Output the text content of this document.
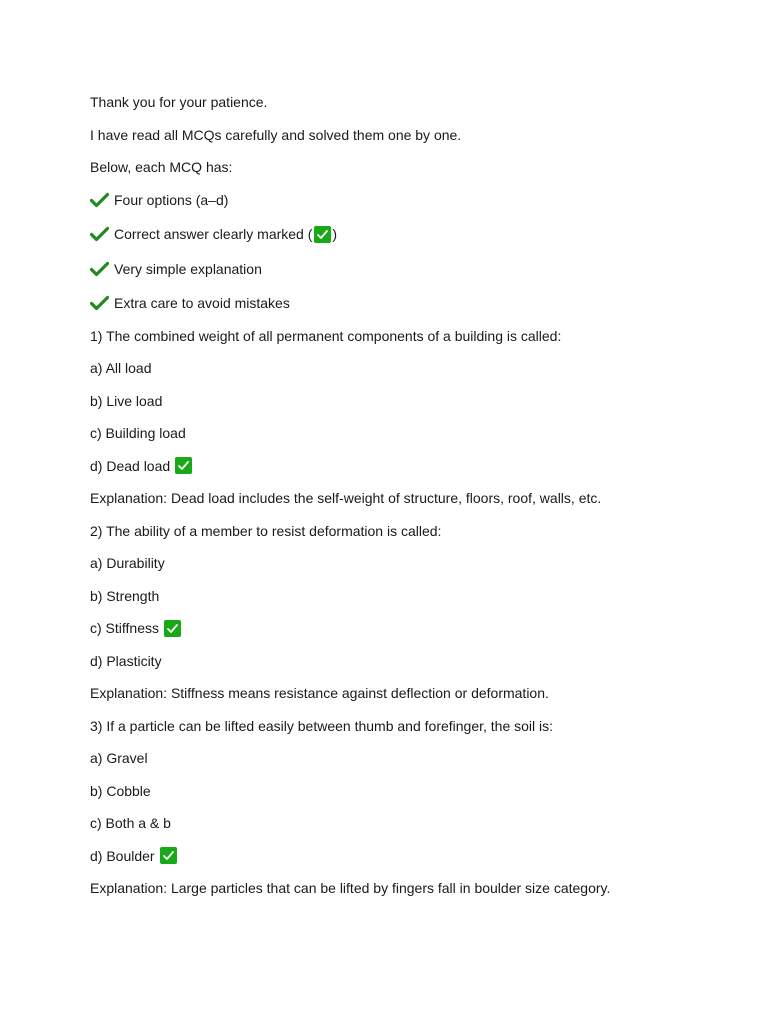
Thank you for your patience.
I have read all MCQs carefully and solved them one by one.
Below, each MCQ has:
Four options (a–d)
Correct answer clearly marked ( )
Very simple explanation
Extra care to avoid mistakes
1) The combined weight of all permanent components of a building is called:
a) All load
b) Live load
c) Building load
d) Dead load
Explanation: Dead load includes the self-weight of structure, floors, roof, walls, etc.
2) The ability of a member to resist deformation is called:
a) Durability
b) Strength
c) Stiffness
d) Plasticity
Explanation: Stiffness means resistance against deflection or deformation.
3) If a particle can be lifted easily between thumb and forefinger, the soil is:
a) Gravel
b) Cobble
c) Both a & b
d) Boulder
Explanation: Large particles that can be lifted by fingers fall in boulder size category.
